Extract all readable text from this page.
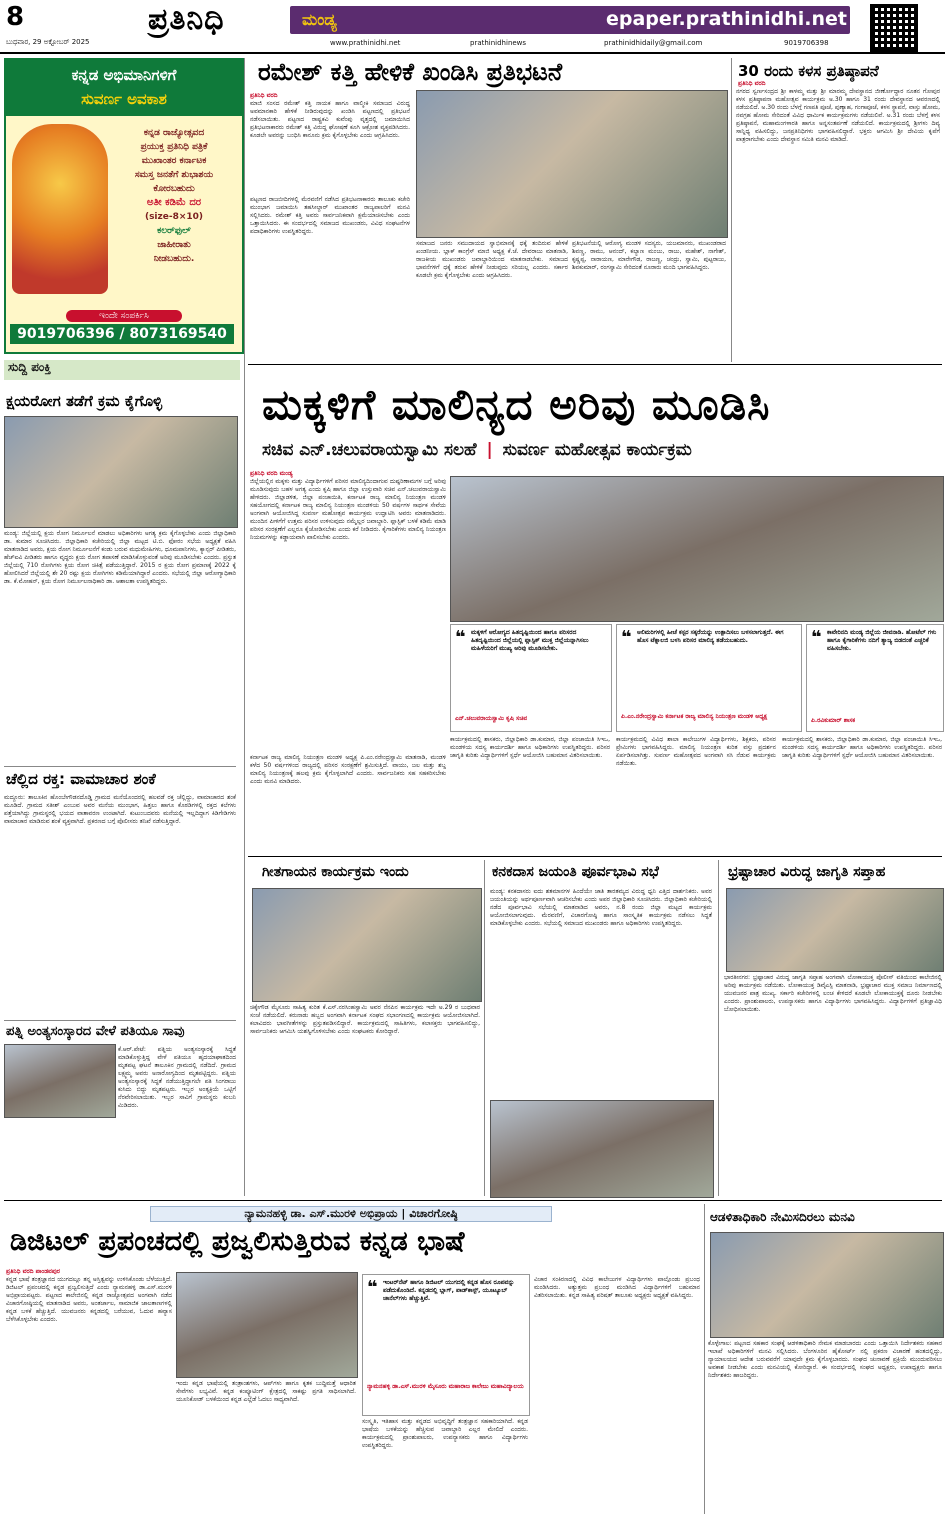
8	ಪ್ರತಿನಿಧಿ	ಮಂಡ್ಯ	epaper.prathinidhi.net
ಬುಧವಾರ, 29 ಅಕ್ಟೋಬರ್ 2025	www.prathinidhi.net	prathinidhinews	prathinidhidaily@gmail.com	9019706398
ಕನ್ನಡ ಅಭಿಮಾನಿಗಳಿಗೆ
ಸುವರ್ಣ ಅವಕಾಶ
ಕನ್ನಡ ರಾಜ್ಯೋತ್ಸವದ
ಪ್ರಯುಕ್ತ ಪ್ರತಿನಿಧಿ ಪತ್ರಿಕೆ
ಮುಖಾಂತರ ಕರ್ನಾಟಕ
ಸಮಸ್ತ ಜನತೆಗೆ ಶುಭಾಶಯ
ಕೋರಬಹುದು
ಅತೀ ಕಡಿಮೆ ದರ
(size-8×10)
ಕಲರ್‌ಫುಲ್
ಜಾಹೀರಾತು
ನೀಡಬಹುದು.
ಇಂದೇ ಸಂಪರ್ಕಿಸಿ
9019706396 / 8073169540
ಸುದ್ದಿ ಪಂಕ್ತಿ
ಕ್ಷಯರೋಗ ತಡೆಗೆ ಕ್ರಮ ಕೈಗೊಳ್ಳಿ
ಮಂಡ್ಯ: ಜಿಲ್ಲೆಯಲ್ಲಿ ಕ್ಷಯ ರೋಗ ನಿರ್ಮೂಲನೆ ಮಾಡಲು ಅಧಿಕಾರಿಗಳು ಅಗತ್ಯ ಕ್ರಮ ಕೈಗೊಳ್ಳಬೇಕು ಎಂದು ಜಿಲ್ಲಾಧಿಕಾರಿ ಡಾ. ಕುಮಾರ ಸೂಚಿಸಿದರು. ಜಿಲ್ಲಾಧಿಕಾರಿ ಕಚೇರಿಯಲ್ಲಿ ಜಿಲ್ಲಾ ಮಟ್ಟದ ಟಿ.ಬಿ. ಫೋರಂ ಸಭೆಯ ಅಧ್ಯಕ್ಷತೆ ವಹಿಸಿ ಮಾತನಾಡಿದ ಅವರು, ಕ್ಷಯ ರೋಗ ನಿರ್ಮೂಲನೆಗೆ ಕಂಡು ಬರುವ ಮಧುಮೇಹಿಗಳು, ಧೂಮಪಾನಿಗಳು, ಕ್ಯಾನ್ಸರ್ ಪೀಡಿತರು, ಹೆಚ್ಐವಿ ಪೀಡಿತರು ಹಾಗೂ ವೃದ್ಧರು ಕ್ಷಯ ರೋಗ ತಪಾಸಣೆ ಮಾಡಿಸಿಕೊಳ್ಳುವಂತೆ ಅರಿವು ಮೂಡಿಸಬೇಕು ಎಂದರು. ಪ್ರಸ್ತುತ ಜಿಲ್ಲೆಯಲ್ಲಿ 710 ರೋಗಿಗಳು ಕ್ಷಯ ರೋಗ ಚಿಕಿತ್ಸೆ ಪಡೆಯುತ್ತಿದ್ದಾರೆ. 2015 ರ ಕ್ಷಯ ರೋಗ ಪ್ರಮಾಣಕ್ಕೆ 2022 ಕ್ಕೆ ಹೋಲಿಸಿದರೆ ಜಿಲ್ಲೆಯಲ್ಲಿ ಶೇ 20 ರಷ್ಟು ಕ್ಷಯ ರೋಗಿಗಳು ಕಡಿಮೆಯಾಗಿದ್ದಾರೆ ಎಂದರು. ಸಭೆಯಲ್ಲಿ ಜಿಲ್ಲಾ ಆರೋಗ್ಯಾಧಿಕಾರಿ ಡಾ. ಕೆ.ಮೋಹನ್, ಕ್ಷಯ ರೋಗ ನಿರ್ಮೂಲನಾಧಿಕಾರಿ ಡಾ. ಆಶಾಲತಾ ಉಪಸ್ಥಿತರಿದ್ದರು.
ಚೆಲ್ಲಿದ ರಕ್ತ: ವಾಮಾಚಾರ ಶಂಕೆ
ಮದ್ದೂರು: ತಾಲೂಕಿನ ಹೊಂಬೇಗೌಡನದೊಡ್ಡಿ ಗ್ರಾಮದ ಮನೆಯೊಂದರಲ್ಲಿ ಹಲವಡೆ ರಕ್ತ ಚೆಲ್ಲಿದ್ದು, ವಾಮಾಚಾರದ ಶಂಕೆ ಮೂಡಿದೆ. ಗ್ರಾಮದ ಸತೀಶ್ ಎಂಬುವ ಅವರ ಮನೆಯ ಮುಂಭಾಗ, ಹಿತ್ತಲು ಹಾಗೂ ಕೊಠಡಿಗಳಲ್ಲಿ ರಕ್ತದ ಕಲೆಗಳು ಪತ್ತೆಯಾಗಿದ್ದು ಗ್ರಾಮಸ್ಥರಲ್ಲಿ ಭಯದ ವಾತಾವರಣ ಉಂಟಾಗಿದೆ. ಕುಟುಂಬದವರು ಮನೆಯಲ್ಲಿ ಇಲ್ಲದಿದ್ದಾಗ ಕಿಡಿಗೇಡಿಗಳು ವಾಮಾಚಾರ ಮಾಡಿರುವ ಶಂಕೆ ವ್ಯಕ್ತವಾಗಿದೆ. ಪ್ರಕರಣದ ಬಗ್ಗೆ ಪೊಲೀಸರು ತನಿಖೆ ನಡೆಸುತ್ತಿದ್ದಾರೆ.
ಪತ್ನಿ ಅಂತ್ಯಸಂಸ್ಕಾರದ ವೇಳೆ ಪತಿಯೂ ಸಾವು
ಕೆ.ಆರ್.ಪೇಟೆ: ಪತ್ನಿಯ ಅಂತ್ಯಸಂಸ್ಕಾರಕ್ಕೆ ಸಿದ್ಧತೆ ಮಾಡಿಕೊಳ್ಳುತ್ತಿದ್ದ ವೇಳೆ ಪತಿಯೂ ಹೃದಯಾಘಾತದಿಂದ ಮೃತಪಟ್ಟ ಘಟನೆ ತಾಲೂಕಿನ ಗ್ರಾಮದಲ್ಲಿ ನಡೆದಿದೆ. ಗ್ರಾಮದ ಲಕ್ಷ್ಮಮ್ಮ ಅವರು ಅನಾರೋಗ್ಯದಿಂದ ಮೃತಪಟ್ಟಿದ್ದರು. ಪತ್ನಿಯ ಅಂತ್ಯಸಂಸ್ಕಾರಕ್ಕೆ ಸಿದ್ಧತೆ ನಡೆಯುತ್ತಿದ್ದಾಗಲೇ ಪತಿ ಸಿಂಗರಾಜು ಕುಸಿದು ಬಿದ್ದು ಮೃತಪಟ್ಟರು. ಇಬ್ಬರ ಅಂತ್ಯಕ್ರಿಯೆ ಒಟ್ಟಿಗೆ ನೆರವೇರಿಸಲಾಯಿತು. ಇಬ್ಬರ ಸಾವಿಗೆ ಗ್ರಾಮಸ್ಥರು ಕಂಬನಿ ಮಿಡಿದರು.
ರಮೇಶ್ ಕತ್ತಿ ಹೇಳಿಕೆ ಖಂಡಿಸಿ ಪ್ರತಿಭಟನೆ
ಪ್ರತಿನಿಧಿ ವರದಿ
ಮಾಜಿ ಸಂಸದ ರಮೇಶ್ ಕತ್ತಿ ನಾಯಕ ಹಾಗೂ ವಾಲ್ಮೀಕಿ ಸಮಾಜದ ವಿರುದ್ಧ ಅವಮಾನಕಾರಿ ಹೇಳಿಕೆ ನೀಡಿರುವುದನ್ನು ಖಂಡಿಸಿ ಪಟ್ಟಣದಲ್ಲಿ ಪ್ರತಿಭಟನೆ ನಡೆಸಲಾಯಿತು. ಪಟ್ಟಣದ ರಾಷ್ಟ್ರಕವಿ ಕುವೆಂಪು ವೃತ್ತದಲ್ಲಿ ಜಮಾಯಿಸಿದ ಪ್ರತಿಭಟನಾಕಾರರು ರಮೇಶ್ ಕತ್ತಿ ವಿರುದ್ಧ ಘೋಷಣೆ ಕೂಗಿ ಆಕ್ರೋಶ ವ್ಯಕ್ತಪಡಿಸಿದರು. ಕೂಡಲೇ ಅವರನ್ನು ಬಂಧಿಸಿ ಕಾನೂನು ಕ್ರಮ ಕೈಗೊಳ್ಳಬೇಕು ಎಂದು ಆಗ್ರಹಿಸಿದರು.
ಪಟ್ಟಣದ ರಾಜಬೀದಿಗಳಲ್ಲಿ ಮೆರವಣಿಗೆ ನಡೆಸಿದ ಪ್ರತಿಭಟನಾಕಾರರು ತಾಲೂಕು ಕಚೇರಿ ಮುಂಭಾಗ ಜಮಾಯಿಸಿ ತಹಸೀಲ್ದಾರ್ ಮುಖಾಂತರ ರಾಜ್ಯಪಾಲರಿಗೆ ಮನವಿ ಸಲ್ಲಿಸಿದರು. ರಮೇಶ್ ಕತ್ತಿ ಅವರು ಸಾರ್ವಜನಿಕವಾಗಿ ಕ್ಷಮೆಯಾಚಿಸಬೇಕು ಎಂದು ಒತ್ತಾಯಿಸಿದರು. ಈ ಸಂದರ್ಭದಲ್ಲಿ ಸಮಾಜದ ಮುಖಂಡರು, ವಿವಿಧ ಸಂಘಟನೆಗಳ ಪದಾಧಿಕಾರಿಗಳು ಉಪಸ್ಥಿತರಿದ್ದರು.
ಸಮಾಜದ ಜನರು ಸಮುದಾಯದ ಸ್ವಾಭಿಮಾನಕ್ಕೆ ಧಕ್ಕೆ ತಂದಿರುವ ಹೇಳಿಕೆ ಖಂಡನೀಯ. ಬ್ಲಾಕ್ ಕಾಂಗ್ರೆಸ್ ಮಾಜಿ ಅಧ್ಯಕ್ಷ ಕೆ.ಜೆ. ದೇವರಾಜು ಮಾತನಾಡಿ, ರಾಜಕೀಯ ಮುಖಂಡರು ಜವಾಬ್ದಾರಿಯಿಂದ ಮಾತನಾಡಬೇಕು. ಸಮಾಜದ ಭಾವನೆಗಳಿಗೆ ಧಕ್ಕೆ ತರುವ ಹೇಳಿಕೆ ನೀಡುವುದು ಸರಿಯಲ್ಲ ಎಂದರು. ಸರ್ಕಾರ ಕೂಡಲೇ ಕ್ರಮ ಕೈಗೊಳ್ಳಬೇಕು ಎಂದು ಆಗ್ರಹಿಸಿದರು.
ಪ್ರತಿಭಟನೆಯಲ್ಲಿ ಆರೋಗ್ಯ ಮಂಡಳಿ ಸದಸ್ಯರು, ಯಜಮಾನರು, ಮುಖಂಡರಾದ ಶಿವಣ್ಣ, ರಾಮು, ಆನಂದ್, ಕಲ್ಯಾಣ ಮಂಜು, ರಾಜು, ಮಹೇಶ್, ನಾಗೇಶ್, ಕೃಷ್ಣಪ್ಪ, ನಾರಾಯಣ, ಮಾರೇಗೌಡ, ರಾಜಣ್ಣ, ಚಂದ್ರು, ಸ್ವಾಮಿ, ಪುಟ್ಟರಾಜು, ಶಿವಕುಮಾರ್, ರಂಗಸ್ವಾಮಿ ಸೇರಿದಂತೆ ನೂರಾರು ಮಂದಿ ಭಾಗವಹಿಸಿದ್ದರು.
30 ರಂದು ಕಳಸ ಪ್ರತಿಷ್ಠಾಪನೆ
ಪ್ರತಿನಿಧಿ ವರದಿ
ನಗರದ ಸ್ವರ್ಣಸಂದ್ರದ ಶ್ರೀ ಕಾಳಮ್ಮ ಮತ್ತು ಶ್ರೀ ಮಾರಮ್ಮ ದೇವಸ್ಥಾನದ ಜೀರ್ಣೋದ್ಧಾರ ನೂತನ ಗೋಪುರ ಕಳಸ ಪ್ರತಿಷ್ಠಾಪನಾ ಮಹೋತ್ಸವ ಕಾರ್ಯಕ್ರಮ ಅ.30 ಹಾಗೂ 31 ರಂದು ದೇವಸ್ಥಾನದ ಆವರಣದಲ್ಲಿ ನಡೆಯಲಿದೆ. ಅ.30 ರಂದು ಬೆಳಗ್ಗೆ ಗಣಪತಿ ಪೂಜೆ, ಪುಣ್ಯಾಹ, ಗಂಗಾಪೂಜೆ, ಕಳಸ ಸ್ಥಾಪನೆ, ವಾಸ್ತು ಹೋಮ, ನವಗ್ರಹ ಹೋಮ ಸೇರಿದಂತೆ ವಿವಿಧ ಧಾರ್ಮಿಕ ಕಾರ್ಯಕ್ರಮಗಳು ನಡೆಯಲಿವೆ. ಅ.31 ರಂದು ಬೆಳಗ್ಗೆ ಕಳಸ ಪ್ರತಿಷ್ಠಾಪನೆ, ಮಹಾಮಂಗಳಾರತಿ ಹಾಗೂ ಅನ್ನಸಂತರ್ಪಣೆ ನಡೆಯಲಿದೆ. ಕಾರ್ಯಕ್ರಮದಲ್ಲಿ ಶ್ರೀಗಳು ದಿವ್ಯ ಸಾನ್ನಿಧ್ಯ ವಹಿಸಲಿದ್ದು, ಜನಪ್ರತಿನಿಧಿಗಳು ಭಾಗವಹಿಸಲಿದ್ದಾರೆ. ಭಕ್ತರು ಆಗಮಿಸಿ ಶ್ರೀ ದೇವಿಯ ಕೃಪೆಗೆ ಪಾತ್ರರಾಗಬೇಕು ಎಂದು ದೇವಸ್ಥಾನ ಸಮಿತಿ ಮನವಿ ಮಾಡಿದೆ.
ಮಕ್ಕಳಿಗೆ ಮಾಲಿನ್ಯದ ಅರಿವು ಮೂಡಿಸಿ
ಸಚಿವ ಎನ್.ಚಲುವರಾಯಸ್ವಾಮಿ ಸಲಹೆ | ಸುವರ್ಣ ಮಹೋತ್ಸವ ಕಾರ್ಯಕ್ರಮ
ಪ್ರತಿನಿಧಿ ವರದಿ ಮಂಡ್ಯ
ಜಿಲ್ಲೆಯಲ್ಲಿನ ಮಕ್ಕಳು ಮತ್ತು ವಿದ್ಯಾರ್ಥಿಗಳಿಗೆ ಪರಿಸರ ಮಾಲಿನ್ಯದಿಂದಾಗುವ ದುಷ್ಪರಿಣಾಮಗಳ ಬಗ್ಗೆ ಅರಿವು ಮೂಡಿಸುವುದು ಬಹಳ ಅಗತ್ಯ ಎಂದು ಕೃಷಿ ಹಾಗೂ ಜಿಲ್ಲಾ ಉಸ್ತುವಾರಿ ಸಚಿವ ಎನ್.ಚಲುವರಾಯಸ್ವಾಮಿ ಹೇಳಿದರು. ಜಿಲ್ಲಾಡಳಿತ, ಜಿಲ್ಲಾ ಪಂಚಾಯಿತಿ, ಕರ್ನಾಟಕ ರಾಜ್ಯ ಮಾಲಿನ್ಯ ನಿಯಂತ್ರಣ ಮಂಡಳಿ ಸಹಯೋಗದಲ್ಲಿ ಕರ್ನಾಟಕ ರಾಜ್ಯ ಮಾಲಿನ್ಯ ನಿಯಂತ್ರಣ ಮಂಡಳಿಯ 50 ವರ್ಷಗಳ ಸಾರ್ಥಕ ಸೇವೆಯ ಅಂಗವಾಗಿ ಆಯೋಜಿಸಿದ್ದ ಸುವರ್ಣ ಮಹೋತ್ಸವ ಕಾರ್ಯಕ್ರಮ ಉದ್ಘಾಟಿಸಿ ಅವರು ಮಾತನಾಡಿದರು. ಮುಂದಿನ ಪೀಳಿಗೆಗೆ ಉತ್ತಮ ಪರಿಸರ ಉಳಿಸುವುದು ನಮ್ಮೆಲ್ಲರ ಜವಾಬ್ದಾರಿ. ಪ್ಲಾಸ್ಟಿಕ್ ಬಳಕೆ ಕಡಿಮೆ ಮಾಡಿ ಪರಿಸರ ಸಂರಕ್ಷಣೆಗೆ ಎಲ್ಲರೂ ಕೈಜೋಡಿಸಬೇಕು ಎಂದು ಕರೆ ನೀಡಿದರು. ಕೈಗಾರಿಕೆಗಳು ಮಾಲಿನ್ಯ ನಿಯಂತ್ರಣ ನಿಯಮಗಳನ್ನು ಕಡ್ಡಾಯವಾಗಿ ಪಾಲಿಸಬೇಕು ಎಂದರು.
❝ ಮಕ್ಕಳಿಗೆ ಆರೋಗ್ಯದ ಹಿತದೃಷ್ಟಿಯಿಂದ ಹಾಗೂ ಪರಿಸರದ ಹಿತದೃಷ್ಟಿಯಿಂದ ಜಿಲ್ಲೆಯಲ್ಲಿ ಪ್ಲಾಸ್ಟಿಕ್ ಮುಕ್ತ ಜಿಲ್ಲೆಯನ್ನಾಗಿಸಲು ಮಹಿಳೆಯರಿಗೆ ಮುಖ್ಯ ಅರಿವು ಮೂಡಿಸಬೇಕು.
ಎನ್.ಚಲುವರಾಯಸ್ವಾಮಿ ಕೃಷಿ ಸಚಿವ
❝ ಅಲಿಮರಿಗಳಲ್ಲಿ ಹೀಚೆ ಕಸ್ಟರ ಸಕ್ಕರೆಯನ್ನು ಉತ್ಪಾದಿಸಲು ಬಳಸಲಾಗುತ್ತದೆ. ಈಗ ಹೊಸ ಟೆಕ್ನಾಲಜಿ ಬಳಸಿ ಪರಿಸರ ಮಾಲಿನ್ಯ ತಡೆಯಬಹುದು.
ಪಿ.ಎಂ.ನರೇಂದ್ರಸ್ವಾಮಿ ಕರ್ನಾಟಕ ರಾಜ್ಯ ಮಾಲಿನ್ಯ ನಿಯಂತ್ರಣ ಮಂಡಳಿ ಅಧ್ಯಕ್ಷ
❝ ಕಾವೇರಿನದಿ ಮಂಡ್ಯ ಜಿಲ್ಲೆಯ ಜೀವನಾಡಿ. ಹೋಟೆಲ್ ಗಳು ಹಾಗೂ ಕೈಗಾರಿಕೆಗಳು ನದಿಗೆ ತ್ಯಾಜ್ಯ ಬಿಡದಂತೆ ಎಚ್ಚರಿಕೆ ವಹಿಸಬೇಕು.
ಪಿ.ರವಿಕುಮಾರ್ ಶಾಸಕ
ಕರ್ನಾಟಕ ರಾಜ್ಯ ಮಾಲಿನ್ಯ ನಿಯಂತ್ರಣ ಮಂಡಳಿ ಅಧ್ಯಕ್ಷ ಪಿ.ಎಂ.ನರೇಂದ್ರಸ್ವಾಮಿ ಮಾತನಾಡಿ, ಮಂಡಳಿ ಕಳೆದ 50 ವರ್ಷಗಳಿಂದ ರಾಜ್ಯದಲ್ಲಿ ಪರಿಸರ ಸಂರಕ್ಷಣೆಗೆ ಶ್ರಮಿಸುತ್ತಿದೆ. ವಾಯು, ಜಲ ಮತ್ತು ಶಬ್ದ ಮಾಲಿನ್ಯ ನಿಯಂತ್ರಣಕ್ಕೆ ಹಲವು ಕ್ರಮ ಕೈಗೊಳ್ಳಲಾಗಿದೆ ಎಂದರು. ಸಾರ್ವಜನಿಕರು ಸಹ ಸಹಕರಿಸಬೇಕು ಎಂದು ಮನವಿ ಮಾಡಿದರು.
ಕಾರ್ಯಕ್ರಮದಲ್ಲಿ ಶಾಸಕರು, ಜಿಲ್ಲಾಧಿಕಾರಿ ಡಾ.ಕುಮಾರ, ಜಿಲ್ಲಾ ಪಂಚಾಯಿತಿ ಸಿಇಒ, ಮಂಡಳಿಯ ಸದಸ್ಯ ಕಾರ್ಯದರ್ಶಿ ಹಾಗೂ ಅಧಿಕಾರಿಗಳು ಉಪಸ್ಥಿತರಿದ್ದರು. ಪರಿಸರ ಜಾಗೃತಿ ಕುರಿತು ವಿದ್ಯಾರ್ಥಿಗಳಿಗೆ ಸ್ಪರ್ಧೆ ಆಯೋಜಿಸಿ ಬಹುಮಾನ ವಿತರಿಸಲಾಯಿತು.
ಕಾರ್ಯಕ್ರಮದಲ್ಲಿ ವಿವಿಧ ಶಾಲಾ ಕಾಲೇಜುಗಳ ವಿದ್ಯಾರ್ಥಿಗಳು, ಶಿಕ್ಷಕರು, ಪರಿಸರ ಪ್ರೇಮಿಗಳು ಭಾಗವಹಿಸಿದ್ದರು. ಮಾಲಿನ್ಯ ನಿಯಂತ್ರಣ ಕುರಿತ ವಸ್ತು ಪ್ರದರ್ಶನ ಏರ್ಪಡಿಸಲಾಗಿತ್ತು. ಸುವರ್ಣ ಮಹೋತ್ಸವದ ಅಂಗವಾಗಿ ಸಸಿ ನೆಡುವ ಕಾರ್ಯಕ್ರಮ ನಡೆಯಿತು.
ಕಾರ್ಯಕ್ರಮದಲ್ಲಿ ಶಾಸಕರು, ಜಿಲ್ಲಾಧಿಕಾರಿ ಡಾ.ಕುಮಾರ, ಜಿಲ್ಲಾ ಪಂಚಾಯಿತಿ ಸಿಇಒ, ಮಂಡಳಿಯ ಸದಸ್ಯ ಕಾರ್ಯದರ್ಶಿ ಹಾಗೂ ಅಧಿಕಾರಿಗಳು ಉಪಸ್ಥಿತರಿದ್ದರು. ಪರಿಸರ ಜಾಗೃತಿ ಕುರಿತು ವಿದ್ಯಾರ್ಥಿಗಳಿಗೆ ಸ್ಪರ್ಧೆ ಆಯೋಜಿಸಿ ಬಹುಮಾನ ವಿತರಿಸಲಾಯಿತು.
ಗೀತಗಾಯನ ಕಾರ್ಯಕ್ರಮ ಇಂದು
ಚಿಕ್ಕೇಗೌಡ ಮೈಸೂರು ಸಾಹಿತ್ಯ ಕುರಿತ ಕೆ.ಎಸ್.ನರಸಿಂಹಸ್ವಾಮಿ ಅವರ ನೆನಪಿನ ಕಾರ್ಯಕ್ರಮ ಇದೇ ಅ.29 ರ ಬುಧವಾರ ಸಂಜೆ ನಡೆಯಲಿದೆ. ಕರುನಾಡು ಹಬ್ಬದ ಅಂಗವಾಗಿ ಕರ್ನಾಟಕ ಸಂಘದ ಸಭಾಂಗಣದಲ್ಲಿ ಕಾರ್ಯಕ್ರಮ ಆಯೋಜಿಸಲಾಗಿದೆ. ಕಲಾವಿದರು ಭಾವಗೀತೆಗಳನ್ನು ಪ್ರಸ್ತುತಪಡಿಸಲಿದ್ದಾರೆ. ಕಾರ್ಯಕ್ರಮದಲ್ಲಿ ಸಾಹಿತಿಗಳು, ಕಲಾಸಕ್ತರು ಭಾಗವಹಿಸಲಿದ್ದು, ಸಾರ್ವಜನಿಕರು ಆಗಮಿಸಿ ಯಶಸ್ವಿಗೊಳಿಸಬೇಕು ಎಂದು ಸಂಘಟಕರು ಕೋರಿದ್ದಾರೆ.
ಕನಕದಾಸ ಜಯಂತಿ ಪೂರ್ವಭಾವಿ ಸಭೆ
ಮಂಡ್ಯ: ಕನಕದಾಸರು ಐದು ಶತಮಾನಗಳ ಹಿಂದೆಯೇ ಜಾತಿ ತಾರತಮ್ಯದ ವಿರುದ್ಧ ಧ್ವನಿ ಎತ್ತಿದ ದಾರ್ಶನಿಕರು. ಅವರ ಜಯಂತಿಯನ್ನು ಅರ್ಥಪೂರ್ಣವಾಗಿ ಆಚರಿಸಬೇಕು ಎಂದು ಅಪರ ಜಿಲ್ಲಾಧಿಕಾರಿ ಸೂಚಿಸಿದರು. ಜಿಲ್ಲಾಧಿಕಾರಿ ಕಚೇರಿಯಲ್ಲಿ ನಡೆದ ಪೂರ್ವಭಾವಿ ಸಭೆಯಲ್ಲಿ ಮಾತನಾಡಿದ ಅವರು, ನ.8 ರಂದು ಜಿಲ್ಲಾ ಮಟ್ಟದ ಕಾರ್ಯಕ್ರಮ ಆಯೋಜಿಸಲಾಗುವುದು. ಮೆರವಣಿಗೆ, ವಿಚಾರಗೋಷ್ಠಿ ಹಾಗೂ ಸಾಂಸ್ಕೃತಿಕ ಕಾರ್ಯಕ್ರಮ ನಡೆಸಲು ಸಿದ್ಧತೆ ಮಾಡಿಕೊಳ್ಳಬೇಕು ಎಂದರು. ಸಭೆಯಲ್ಲಿ ಸಮಾಜದ ಮುಖಂಡರು ಹಾಗೂ ಅಧಿಕಾರಿಗಳು ಉಪಸ್ಥಿತರಿದ್ದರು.
ಭ್ರಷ್ಟಾಚಾರ ವಿರುದ್ಧ ಜಾಗೃತಿ ಸಪ್ತಾಹ
ಭಾರತೀನಗರ: ಭ್ರಷ್ಟಾಚಾರ ವಿರುದ್ಧ ಜಾಗೃತಿ ಸಪ್ತಾಹ ಅಂಗವಾಗಿ ಲೋಕಾಯುಕ್ತ ಪೊಲೀಸ್ ವತಿಯಿಂದ ಕಾಲೇಜಿನಲ್ಲಿ ಅರಿವು ಕಾರ್ಯಕ್ರಮ ನಡೆಯಿತು. ಲೋಕಾಯುಕ್ತ ಡಿವೈಎಸ್ಪಿ ಮಾತನಾಡಿ, ಭ್ರಷ್ಟಾಚಾರ ಮುಕ್ತ ಸಮಾಜ ನಿರ್ಮಾಣದಲ್ಲಿ ಯುವಜನರ ಪಾತ್ರ ಮುಖ್ಯ. ಸರ್ಕಾರಿ ಕಚೇರಿಗಳಲ್ಲಿ ಲಂಚ ಕೇಳಿದರೆ ಕೂಡಲೇ ಲೋಕಾಯುಕ್ತಕ್ಕೆ ದೂರು ನೀಡಬೇಕು ಎಂದರು. ಪ್ರಾಂಶುಪಾಲರು, ಉಪನ್ಯಾಸಕರು ಹಾಗೂ ವಿದ್ಯಾರ್ಥಿಗಳು ಭಾಗವಹಿಸಿದ್ದರು. ವಿದ್ಯಾರ್ಥಿಗಳಿಗೆ ಪ್ರತಿಜ್ಞಾವಿಧಿ ಬೋಧಿಸಲಾಯಿತು.
ನ್ಯಾಮನಹಳ್ಳಿ ಡಾ. ಎಸ್.ಮುರಳಿ ಅಭಿಪ್ರಾಯ | ವಿಚಾರಗೋಷ್ಠಿ
ಡಿಜಿಟಲ್ ಪ್ರಪಂಚದಲ್ಲಿ ಪ್ರಜ್ವಲಿಸುತ್ತಿರುವ ಕನ್ನಡ ಭಾಷೆ
ಪ್ರತಿನಿಧಿ ವರದಿ ಪಾಂಡವಪುರ
ಕನ್ನಡ ಭಾಷೆ ತಂತ್ರಜ್ಞಾನದ ಯುಗದಲ್ಲೂ ತನ್ನ ಅಸ್ತಿತ್ವವನ್ನು ಉಳಿಸಿಕೊಂಡು ಬೆಳೆಯುತ್ತಿದೆ. ಡಿಜಿಟಲ್ ಪ್ರಪಂಚದಲ್ಲಿ ಕನ್ನಡ ಪ್ರಜ್ವಲಿಸುತ್ತಿದೆ ಎಂದು ನ್ಯಾಮನಹಳ್ಳಿ ಡಾ.ಎಸ್.ಮುರಳಿ ಅಭಿಪ್ರಾಯಪಟ್ಟರು. ಪಟ್ಟಣದ ಕಾಲೇಜಿನಲ್ಲಿ ಕನ್ನಡ ರಾಜ್ಯೋತ್ಸವದ ಅಂಗವಾಗಿ ನಡೆದ ವಿಚಾರಗೋಷ್ಠಿಯಲ್ಲಿ ಮಾತನಾಡಿದ ಅವರು, ಅಂತರ್ಜಾಲ, ಸಾಮಾಜಿಕ ಜಾಲತಾಣಗಳಲ್ಲಿ ಕನ್ನಡ ಬಳಕೆ ಹೆಚ್ಚುತ್ತಿದೆ. ಯುವಜನರು ಕನ್ನಡದಲ್ಲಿ ಬರೆಯುವ, ಓದುವ ಹವ್ಯಾಸ ಬೆಳೆಸಿಕೊಳ್ಳಬೇಕು ಎಂದರು.
ಇಂದು ಕನ್ನಡ ಭಾಷೆಯಲ್ಲಿ ತಂತ್ರಾಂಶಗಳು, ಆಪ್‌ಗಳು ಹಾಗೂ ಕೃತಕ ಬುದ್ಧಿಮತ್ತೆ ಆಧಾರಿತ ಸೇವೆಗಳು ಲಭ್ಯವಿವೆ. ಕನ್ನಡ ಕಂಪ್ಯೂಟಿಂಗ್ ಕ್ಷೇತ್ರದಲ್ಲಿ ಸಾಕಷ್ಟು ಪ್ರಗತಿ ಸಾಧಿಸಲಾಗಿದೆ. ಯೂನಿಕೋಡ್ ಬಳಕೆಯಿಂದ ಕನ್ನಡ ಎಲ್ಲೆಡೆ ಓದಲು ಸಾಧ್ಯವಾಗಿದೆ.
❝ ಇಂಟರ್‌ನೆಟ್ ಹಾಗೂ ಡಿಜಿಟಲ್ ಯುಗದಲ್ಲಿ ಕನ್ನಡ ಹೊಸ ರೂಪವನ್ನು ಪಡೆದುಕೊಂಡಿದೆ. ಕನ್ನಡದಲ್ಲಿ ಬ್ಲಾಗ್, ಪಾಡ್‌ಕಾಸ್ಟ್, ಯೂಟ್ಯೂಬ್ ಚಾನೆಲ್‌ಗಳು ಹೆಚ್ಚುತ್ತಿವೆ.
ನ್ಯಾಮನಹಳ್ಳಿ ಡಾ.ಎಸ್.ಮುರಳಿ ಮೈಸೂರು ಮಹಾರಾಜ ಕಾಲೇಜು ಮಹಾವಿದ್ಯಾಲಯ
ಸಂಸ್ಕೃತಿ, ಇತಿಹಾಸ ಮತ್ತು ಕನ್ನಡದ ಅಭಿವೃದ್ಧಿಗೆ ತಂತ್ರಜ್ಞಾನ ಸಹಕಾರಿಯಾಗಿದೆ. ಕನ್ನಡ ಭಾಷೆಯ ಬಳಕೆಯನ್ನು ಹೆಚ್ಚಿಸುವ ಜವಾಬ್ದಾರಿ ಎಲ್ಲರ ಮೇಲಿದೆ ಎಂದರು. ಕಾರ್ಯಕ್ರಮದಲ್ಲಿ ಪ್ರಾಂಶುಪಾಲರು, ಉಪನ್ಯಾಸಕರು ಹಾಗೂ ವಿದ್ಯಾರ್ಥಿಗಳು ಉಪಸ್ಥಿತರಿದ್ದರು.
ವಿಚಾರ ಸಂಕಿರಣದಲ್ಲಿ ವಿವಿಧ ಕಾಲೇಜುಗಳ ವಿದ್ಯಾರ್ಥಿಗಳು ಪಾಲ್ಗೊಂಡು ಪ್ರಬಂಧ ಮಂಡಿಸಿದರು. ಅತ್ಯುತ್ತಮ ಪ್ರಬಂಧ ಮಂಡಿಸಿದ ವಿದ್ಯಾರ್ಥಿಗಳಿಗೆ ಬಹುಮಾನ ವಿತರಿಸಲಾಯಿತು. ಕನ್ನಡ ಸಾಹಿತ್ಯ ಪರಿಷತ್ ತಾಲೂಕು ಅಧ್ಯಕ್ಷರು ಅಧ್ಯಕ್ಷತೆ ವಹಿಸಿದ್ದರು.
ಆಡಳಿತಾಧಿಕಾರಿ ನೇಮಿಸದಿರಲು ಮನವಿ
ಕೊಳ್ಳೇಗಾಲ: ಪಟ್ಟಣದ ಸಹಕಾರ ಸಂಘಕ್ಕೆ ಆಡಳಿತಾಧಿಕಾರಿ ನೇಮಕ ಮಾಡಬಾರದು ಎಂದು ಒತ್ತಾಯಿಸಿ ನಿರ್ದೇಶಕರು ಸಹಕಾರ ಇಲಾಖೆ ಅಧಿಕಾರಿಗಳಿಗೆ ಮನವಿ ಸಲ್ಲಿಸಿದರು. ಬೆಂಗಳೂರಿನ ಹೈಕೋರ್ಟ್ ನಲ್ಲಿ ಪ್ರಕರಣ ವಿಚಾರಣೆ ಹಂತದಲ್ಲಿದ್ದು, ನ್ಯಾಯಾಲಯದ ಆದೇಶ ಬರುವವರೆಗೆ ಯಾವುದೇ ಕ್ರಮ ಕೈಗೊಳ್ಳಬಾರದು. ಸಂಘದ ಚುನಾವಣೆ ಪ್ರಕ್ರಿಯೆ ಮುಂದುವರಿಸಲು ಅವಕಾಶ ನೀಡಬೇಕು ಎಂದು ಮನವಿಯಲ್ಲಿ ಕೋರಿದ್ದಾರೆ. ಈ ಸಂದರ್ಭದಲ್ಲಿ ಸಂಘದ ಅಧ್ಯಕ್ಷರು, ಉಪಾಧ್ಯಕ್ಷರು ಹಾಗೂ ನಿರ್ದೇಶಕರು ಹಾಜರಿದ್ದರು.
